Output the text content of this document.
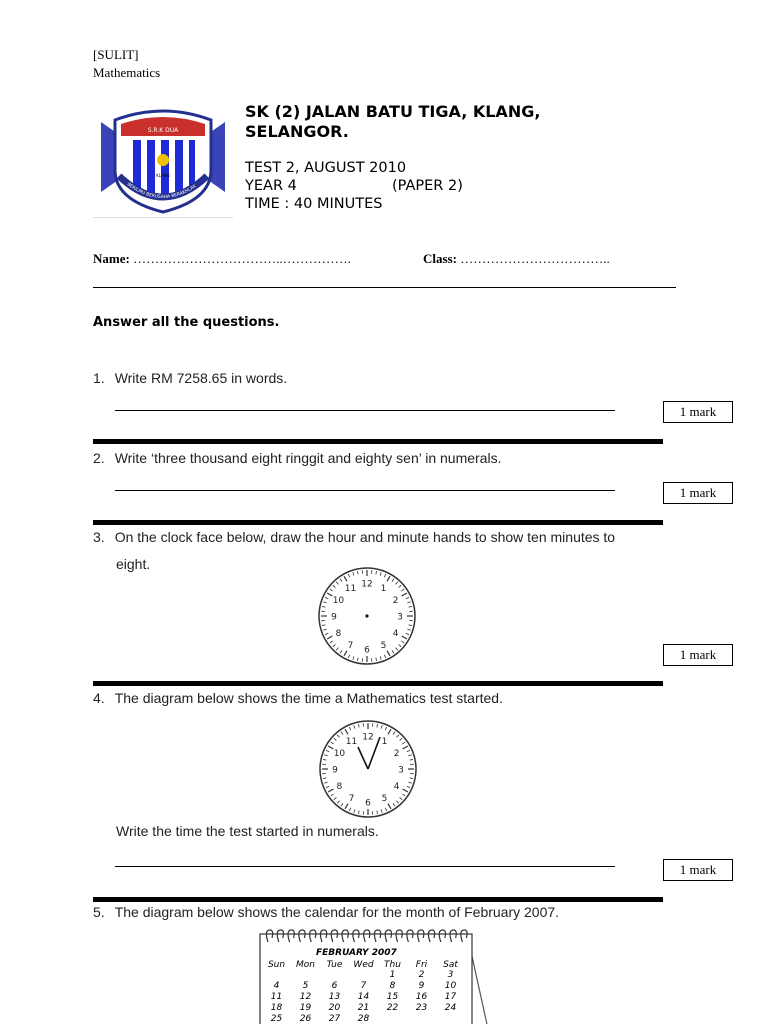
[SULIT]
Mathematics
S.R.K DUA
KLANG
BERILMU BERUSAHA BERAKHLAK
SK (2) JALAN BATU TIGA, KLANG,
SELANGOR.
TEST 2, AUGUST 2010
YEAR 4	(PAPER 2)
TIME : 40 MINUTES
Name: ……………………………..…………….	Class: ……………………………..
Answer all the questions.
1. Write RM 7258.65 in words.
1 mark
2. Write ‘three thousand eight ringgit and eighty sen’ in numerals.
1 mark
3. On the clock face below, draw the hour and minute hands to show ten minutes to
eight.
12 1
2
3
4
5
6
7
8
9
10
11
1 mark
4. The diagram below shows the time a Mathematics test started.
12 1
2
3
4
5
6
7
8
9
10
11
Write the time the test started in numerals.
1 mark
5. The diagram below shows the calendar for the month of February 2007.
FEBRUARY 2007
Sun	Mon	Tue	Wed	Thu	Fri	Sat
				1	2	3
4	5	6	7	8	9	10
11	12	13	14	15	16	17
18	19	20	21	22	23	24
25	26	27	28			
